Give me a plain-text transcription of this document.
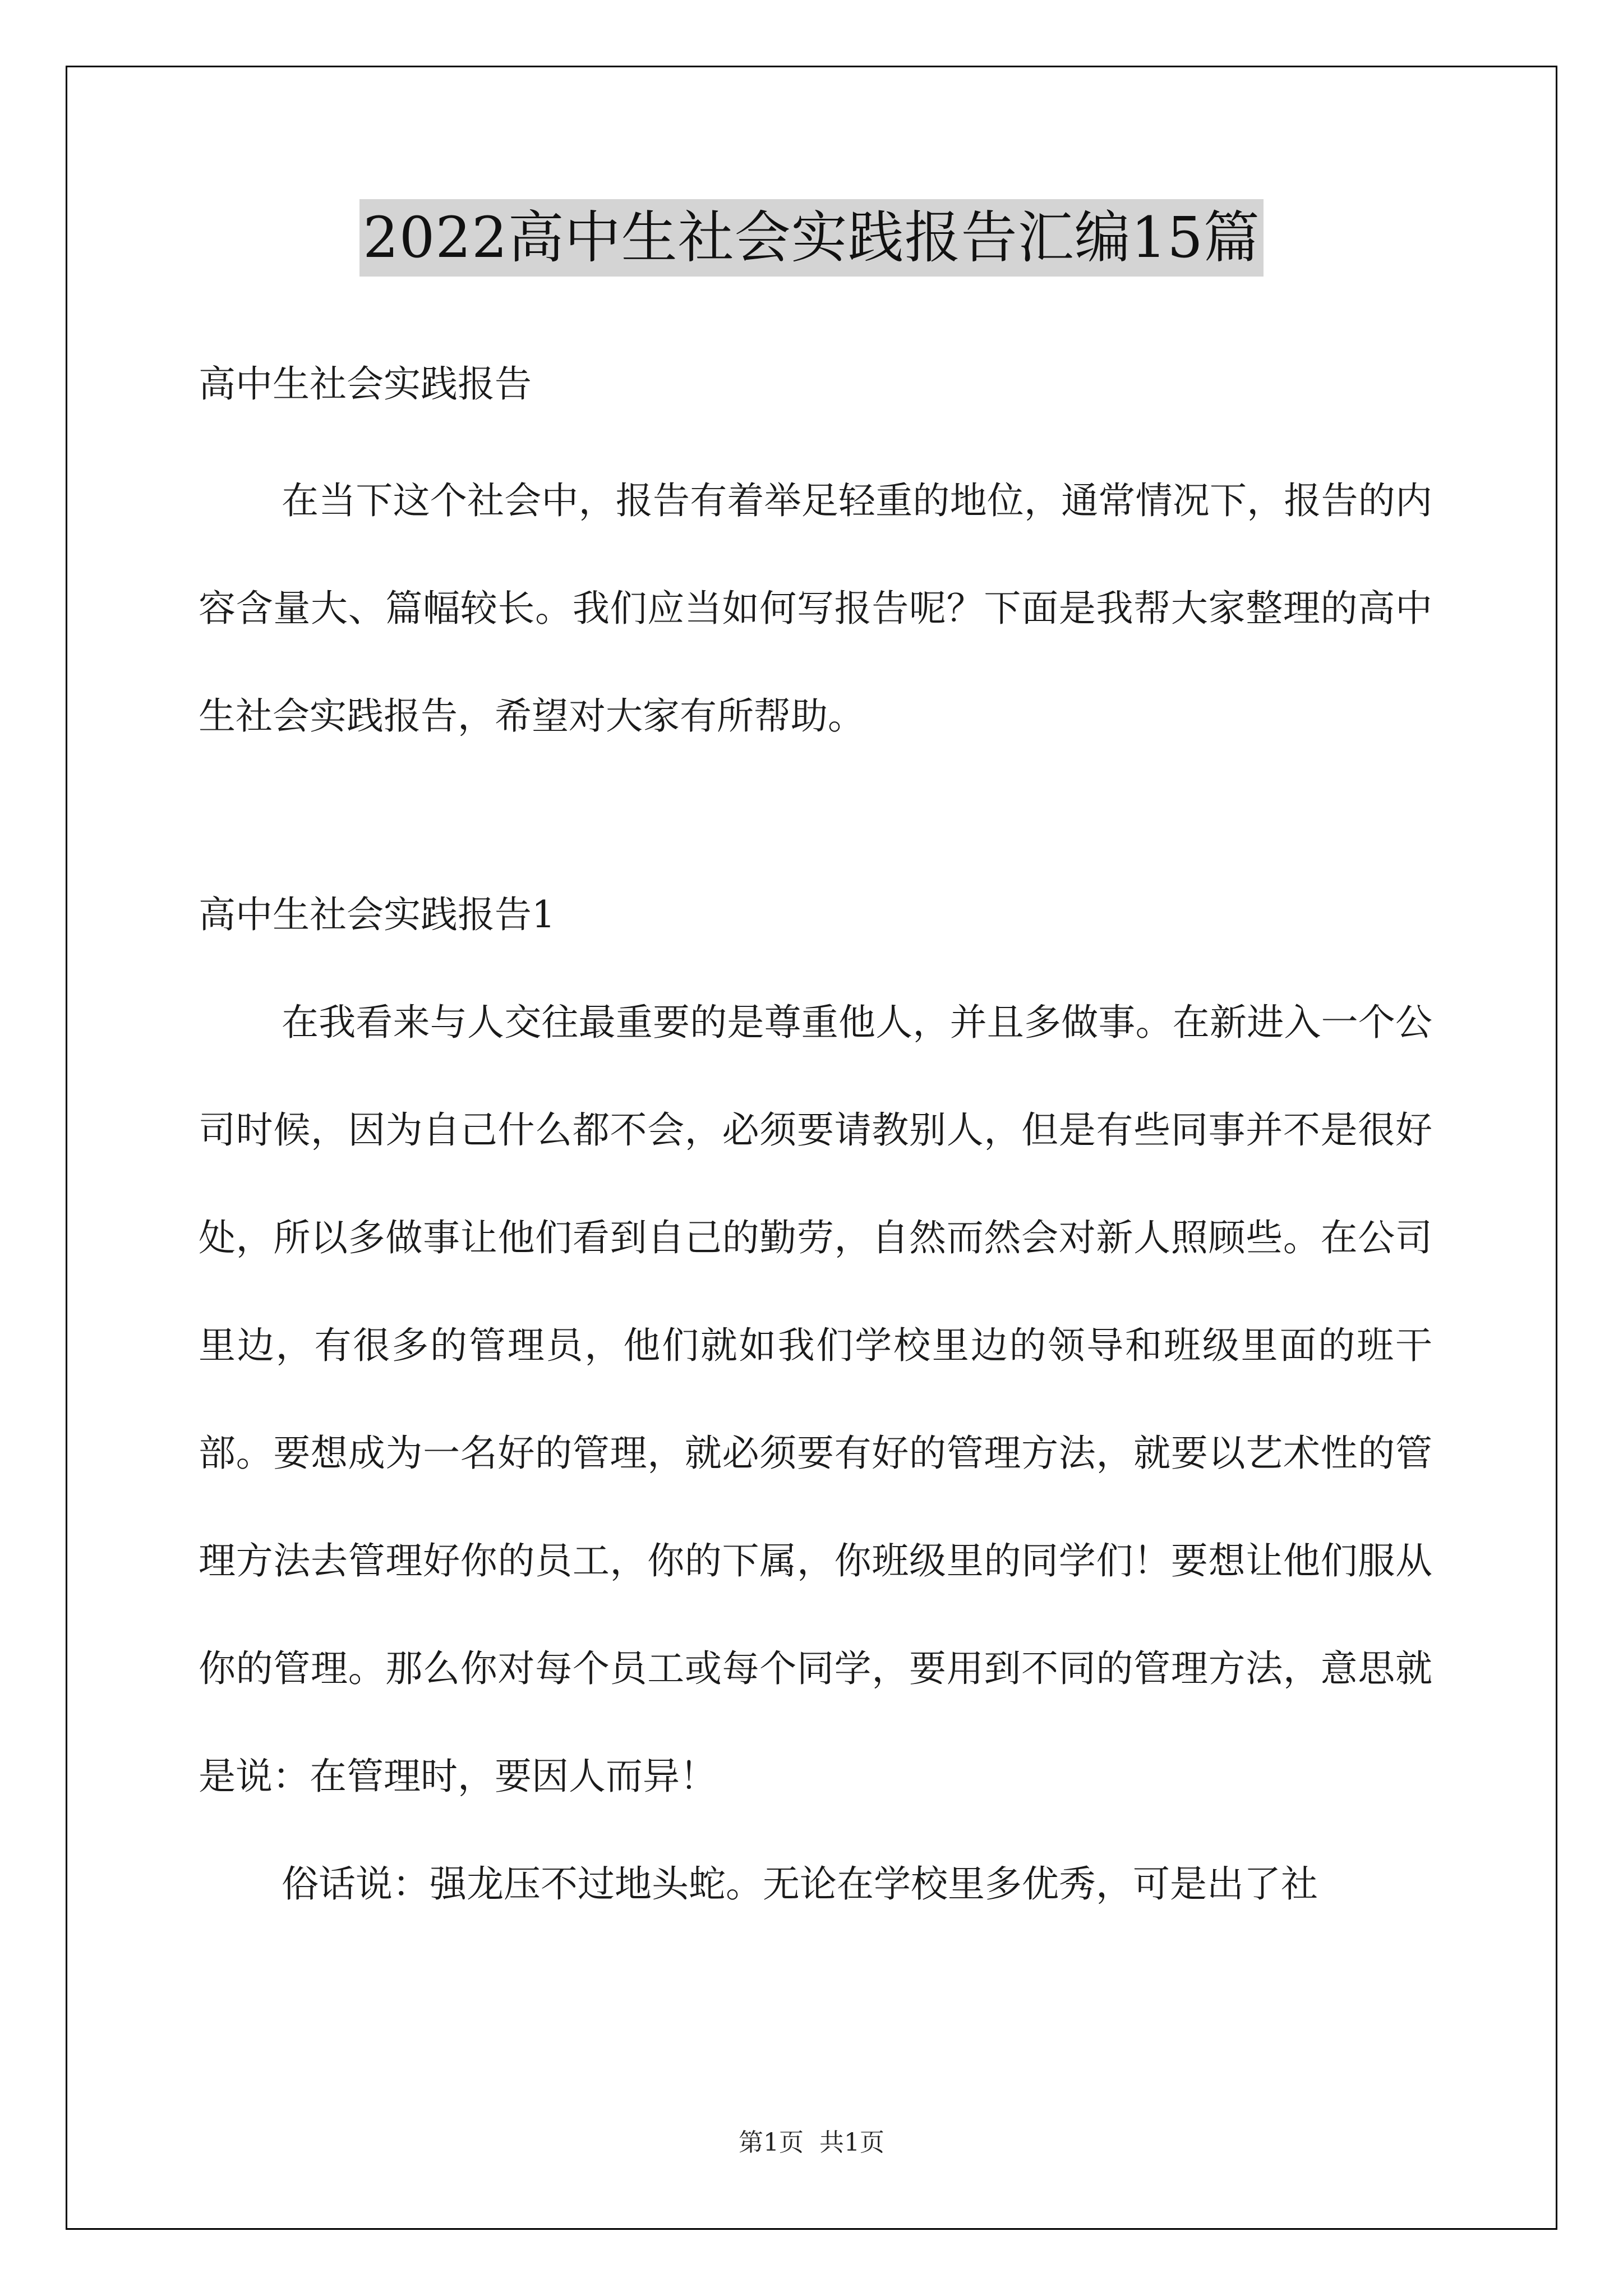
2022高中生社会实践报告汇编15篇
高中生社会实践报告

在当下这个社会中，报告有着举足轻重的地位，通常情况下，报告的内容含量大、篇幅较长。我们应当如何写报告呢？下面是我帮大家整理的高中生社会实践报告，希望对大家有所帮助。

高中生社会实践报告1

在我看来与人交往最重要的是尊重他人，并且多做事。在新进入一个公司时候，因为自己什么都不会，必须要请教别人，但是有些同事并不是很好处，所以多做事让他们看到自己的勤劳，自然而然会对新人照顾些。在公司里边，有很多的管理员，他们就如我们学校里边的领导和班级里面的班干部。要想成为一名好的管理，就必须要有好的管理方法，就要以艺术性的管理方法去管理好你的员工，你的下属，你班级里的同学们！要想让他们服从你的管理。那么你对每个员工或每个同学，要用到不同的管理方法，意思就是说：在管理时，要因人而异！

俗话说：强龙压不过地头蛇。无论在学校里多优秀，可是出了社

第1页 共1页
